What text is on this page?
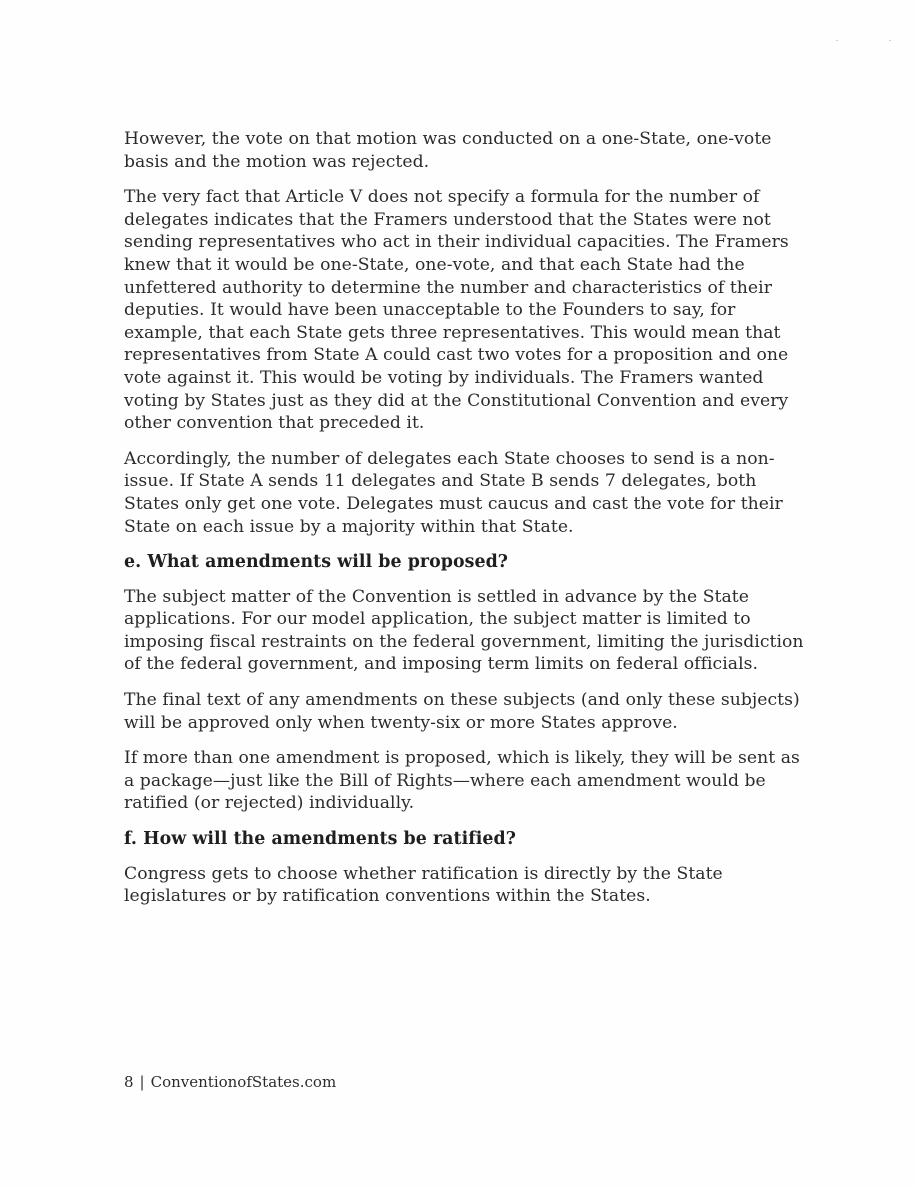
However, the vote on that motion was conducted on a one-State, one-vote basis and the motion was rejected.

The very fact that Article V does not specify a formula for the number of delegates indicates that the Framers understood that the States were not sending representatives who act in their individual capacities. The Framers knew that it would be one-State, one-vote, and that each State had the unfettered authority to determine the number and characteristics of their deputies. It would have been unacceptable to the Founders to say, for example, that each State gets three representatives. This would mean that representatives from State A could cast two votes for a proposition and one vote against it. This would be voting by individuals. The Framers wanted voting by States just as they did at the Constitutional Convention and every other convention that preceded it.

Accordingly, the number of delegates each State chooses to send is a non-issue. If State A sends 11 delegates and State B sends 7 delegates, both States only get one vote. Delegates must caucus and cast the vote for their State on each issue by a majority within that State.

e. What amendments will be proposed?

The subject matter of the Convention is settled in advance by the State applications. For our model application, the subject matter is limited to imposing fiscal restraints on the federal government, limiting the jurisdiction of the federal government, and imposing term limits on federal officials.

The final text of any amendments on these subjects (and only these subjects) will be approved only when twenty-six or more States approve.

If more than one amendment is proposed, which is likely, they will be sent as a package—just like the Bill of Rights—where each amendment would be ratified (or rejected) individually.

f. How will the amendments be ratified?

Congress gets to choose whether ratification is directly by the State legislatures or by ratification conventions within the States.

8 | ConventionofStates.com
